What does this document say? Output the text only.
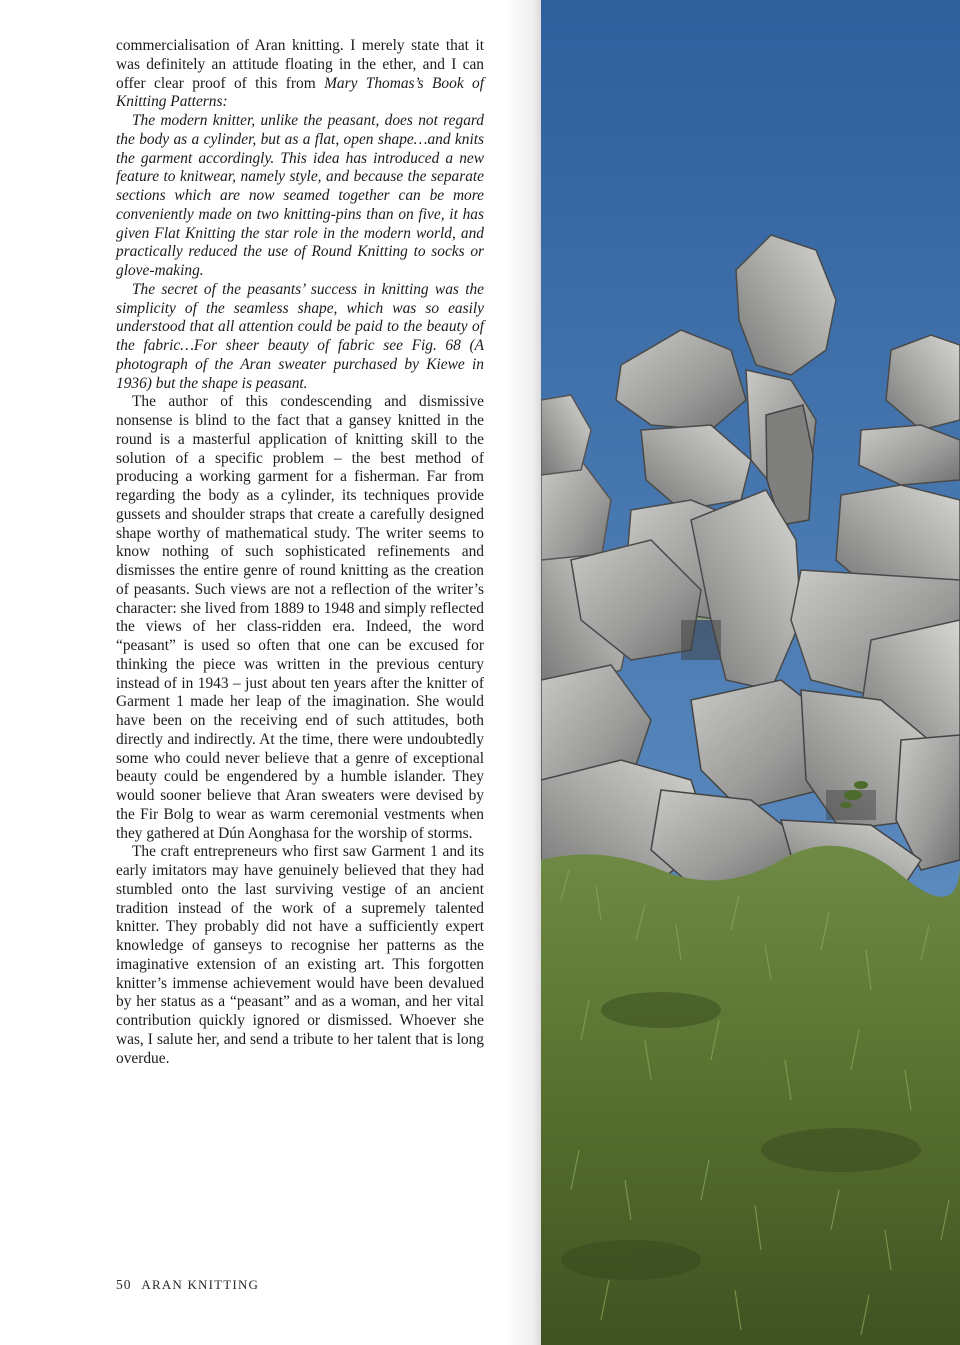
commercialisation of Aran knitting. I merely state that it was definitely an attitude floating in the ether, and I can offer clear proof of this from Mary Thomas’s Book of Knitting Patterns:

The modern knitter, unlike the peasant, does not regard the body as a cylinder, but as a flat, open shape…and knits the garment accordingly. This idea has introduced a new feature to knitwear, namely style, and because the separate sections which are now seamed together can be more conveniently made on two knitting-pins than on five, it has given Flat Knitting the star role in the modern world, and practically reduced the use of Round Knitting to socks or glove-making.

The secret of the peasants’ success in knitting was the simplicity of the seamless shape, which was so easily understood that all attention could be paid to the beauty of the fabric…For sheer beauty of fabric see Fig. 68 (A photograph of the Aran sweater purchased by Kiewe in 1936) but the shape is peasant.

The author of this condescending and dismissive nonsense is blind to the fact that a gansey knitted in the round is a masterful application of knitting skill to the solution of a specific problem – the best method of producing a working garment for a fisherman. Far from regarding the body as a cylinder, its techniques provide gussets and shoulder straps that create a carefully designed shape worthy of mathematical study. The writer seems to know nothing of such sophisticated refinements and dismisses the entire genre of round knitting as the creation of peasants. Such views are not a reflection of the writer’s character: she lived from 1889 to 1948 and simply reflected the views of her class-ridden era. Indeed, the word “peasant” is used so often that one can be excused for thinking the piece was written in the previous century instead of in 1943 – just about ten years after the knitter of Garment 1 made her leap of the imagination. She would have been on the receiving end of such attitudes, both directly and indirectly. At the time, there were undoubtedly some who could never believe that a genre of exceptional beauty could be engendered by a humble islander. They would sooner believe that Aran sweaters were devised by the Fir Bolg to wear as warm ceremonial vestments when they gathered at Dún Aonghasa for the worship of storms.

The craft entrepreneurs who first saw Garment 1 and its early imitators may have genuinely believed that they had stumbled onto the last surviving vestige of an ancient tradition instead of the work of a supremely talented knitter. They probably did not have a sufficiently expert knowledge of ganseys to recognise her patterns as the imaginative extension of an existing art. This forgotten knitter’s immense achievement would have been devalued by her status as a “peasant” and as a woman, and her vital contribution quickly ignored or dismissed. Whoever she was, I salute her, and send a tribute to her talent that is long overdue.

50 ARAN KNITTING
